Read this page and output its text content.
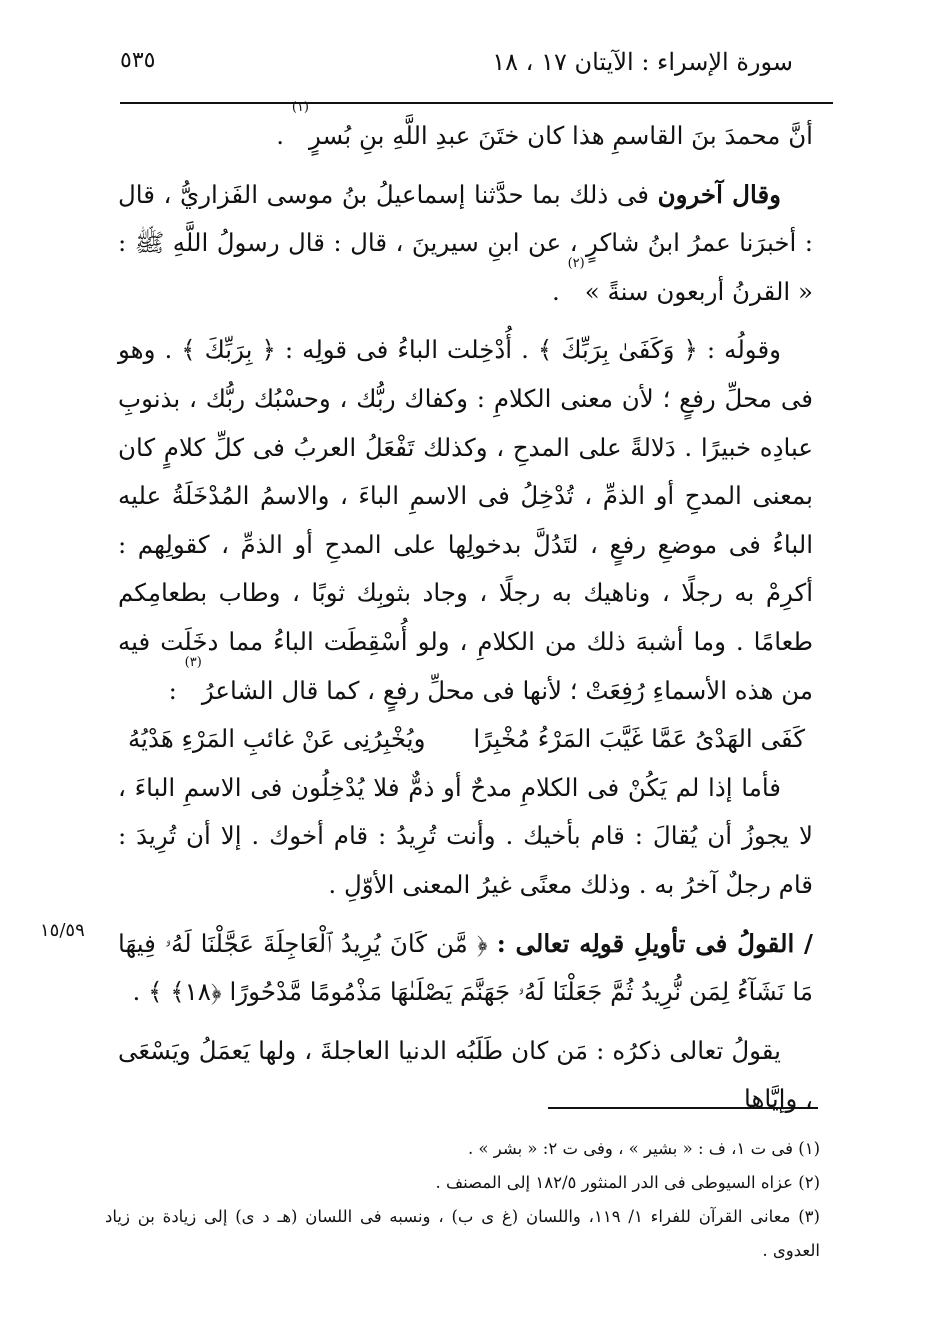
٥٣٥	سورة الإسراء : الآيتان ١٧ ، ١٨

أنَّ محمدَ بنَ القاسمِ هذا كان ختَنَ عبدِ اللَّهِ بنِ بُسرٍ$^{(١)}$ .

وقال آخرون فى ذلك بما حدَّثنا إسماعيلُ بنُ موسى الفَزاريُّ ، قال : أخبرَنا عمرُ ابنُ شاكرٍ ، عن ابنِ سيرينَ ، قال : قال رسولُ اللَّهِ ﷺ : « القرنُ أربعون سنةً »$^{(٢)}$ .

وقولُه : ﴿ وَكَفَىٰ بِرَبِّكَ ﴾ . أُدْخِلت الباءُ فى قولِه : ﴿ بِرَبِّكَ ﴾ . وهو فى محلِّ رفعٍ ؛ لأن معنى الكلامِ : وكفاك ربُّك ، وحسْبُك ربُّك ، بذنوبِ عبادِه خبيرًا . دَلالةً على المدحِ ، وكذلك تَفْعَلُ العربُ فى كلِّ كلامٍ كان بمعنى المدحِ أو الذمِّ ، تُدْخِلُ فى الاسمِ الباءَ ، والاسمُ المُدْخَلَةُ عليه الباءُ فى موضعِ رفعٍ ، لتَدُلَّ بدخولِها على المدحِ أو الذمِّ ، كقولِهم : أكرِمْ به رجلًا ، وناهيك به رجلًا ، وجاد بثوبِك ثوبًا ، وطاب بطعامِكم طعامًا . وما أشبهَ ذلك من الكلامِ ، ولو أُسْقِطَت الباءُ مما دخَلَت فيه من هذه الأسماءِ رُفِعَتْ ؛ لأنها فى محلِّ رفعٍ ، كما قال الشاعرُ$^{(٣)}$ :

كَفَى الهَدْىُ عَمَّا غَيَّبَ المَرْءُ مُخْبِرًا
ويُخْبِرُنِى عَنْ غائبِ المَرْءِ هَدْيُهُ

فأما إذا لم يَكُنْ فى الكلامِ مدحٌ أو ذمٌّ فلا يُدْخِلُون فى الاسمِ الباءَ ، لا يجوزُ أن يُقالَ : قام بأخيك . وأنت تُرِيدُ : قام أخوك . إلا أن تُرِيدَ : قام رجلٌ آخرُ به . وذلك معنًى غيرُ المعنى الأوّلِ .

/ القولُ فى تأويلِ قولِه تعالى : ﴿ مَّن كَانَ يُرِيدُ ٱلْعَاجِلَةَ عَجَّلْنَا لَهُۥ فِيهَا مَا نَشَآءُ لِمَن نُّرِيدُ ثُمَّ جَعَلْنَا لَهُۥ جَهَنَّمَ يَصْلَىٰهَا مَذْمُومًا مَّدْحُورًا ﴿١٨﴾ ﴾ .

يقولُ تعالى ذكرُه : مَن كان طَلَبُه الدنيا العاجلةَ ، ولها يَعمَلُ ويَسْعَى ، وإيَّاها

١٥/٥٩

(١) فى ت ١، ف : « بشير » ، وفى ت ٢: « بشر » .

(٢) عزاه السيوطى فى الدر المنثور ١٨٢/٥ إلى المصنف .

(٣) معانى القرآن للفراء ١/ ١١٩، واللسان (غ ى ب) ، ونسبه فى اللسان (هـ د ى) إلى زيادة بن زياد العدوى .
